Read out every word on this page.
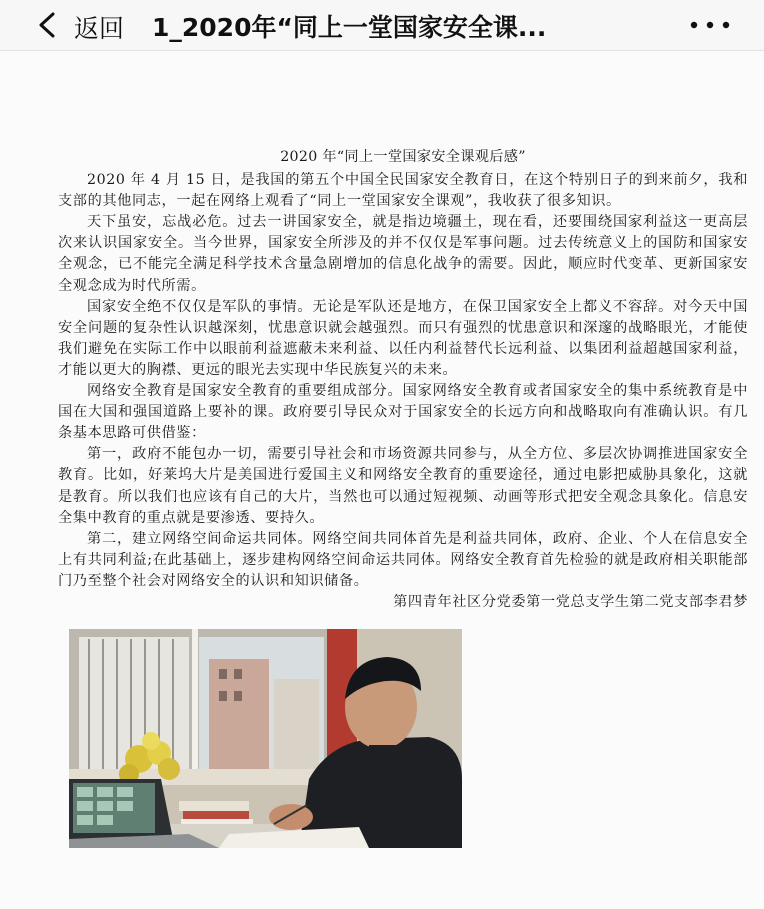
返回 1_2020年“同上一堂国家安全课...
2020 年“同上一堂国家安全课观后感”

2020 年 4 月 15 日，是我国的第五个中国全民国家安全教育日，在这个特别日子的到来前夕，我和支部的其他同志，一起在网络上观看了“同上一堂国家安全课观”，我收获了很多知识。

天下虽安，忘战必危。过去一讲国家安全，就是指边境疆土，现在看，还要围绕国家利益这一更高层次来认识国家安全。当今世界，国家安全所涉及的并不仅仅是军事问题。过去传统意义上的国防和国家安全观念，已不能完全满足科学技术含量急剧增加的信息化战争的需要。因此，顺应时代变革、更新国家安全观念成为时代所需。

国家安全绝不仅仅是军队的事情。无论是军队还是地方，在保卫国家安全上都义不容辞。对今天中国安全问题的复杂性认识越深刻，忧患意识就会越强烈。而只有强烈的忧患意识和深邃的战略眼光，才能使我们避免在实际工作中以眼前利益遮蔽未来利益、以任内利益替代长远利益、以集团利益超越国家利益，才能以更大的胸襟、更远的眼光去实现中华民族复兴的未来。

网络安全教育是国家安全教育的重要组成部分。国家网络安全教育或者国家安全的集中系统教育是中国在大国和强国道路上要补的课。政府要引导民众对于国家安全的长远方向和战略取向有准确认识。有几条基本思路可供借鉴：

第一，政府不能包办一切，需要引导社会和市场资源共同参与，从全方位、多层次协调推进国家安全教育。比如，好莱坞大片是美国进行爱国主义和网络安全教育的重要途径，通过电影把威胁具象化，这就是教育。所以我们也应该有自己的大片，当然也可以通过短视频、动画等形式把安全观念具象化。信息安全集中教育的重点就是要渗透、要持久。

第二，建立网络空间命运共同体。网络空间共同体首先是利益共同体，政府、企业、个人在信息安全上有共同利益;在此基础上，逐步建构网络空间命运共同体。网络安全教育首先检验的就是政府相关职能部门乃至整个社会对网络安全的认识和知识储备。

第四青年社区分党委第一党总支学生第二党支部李君梦
